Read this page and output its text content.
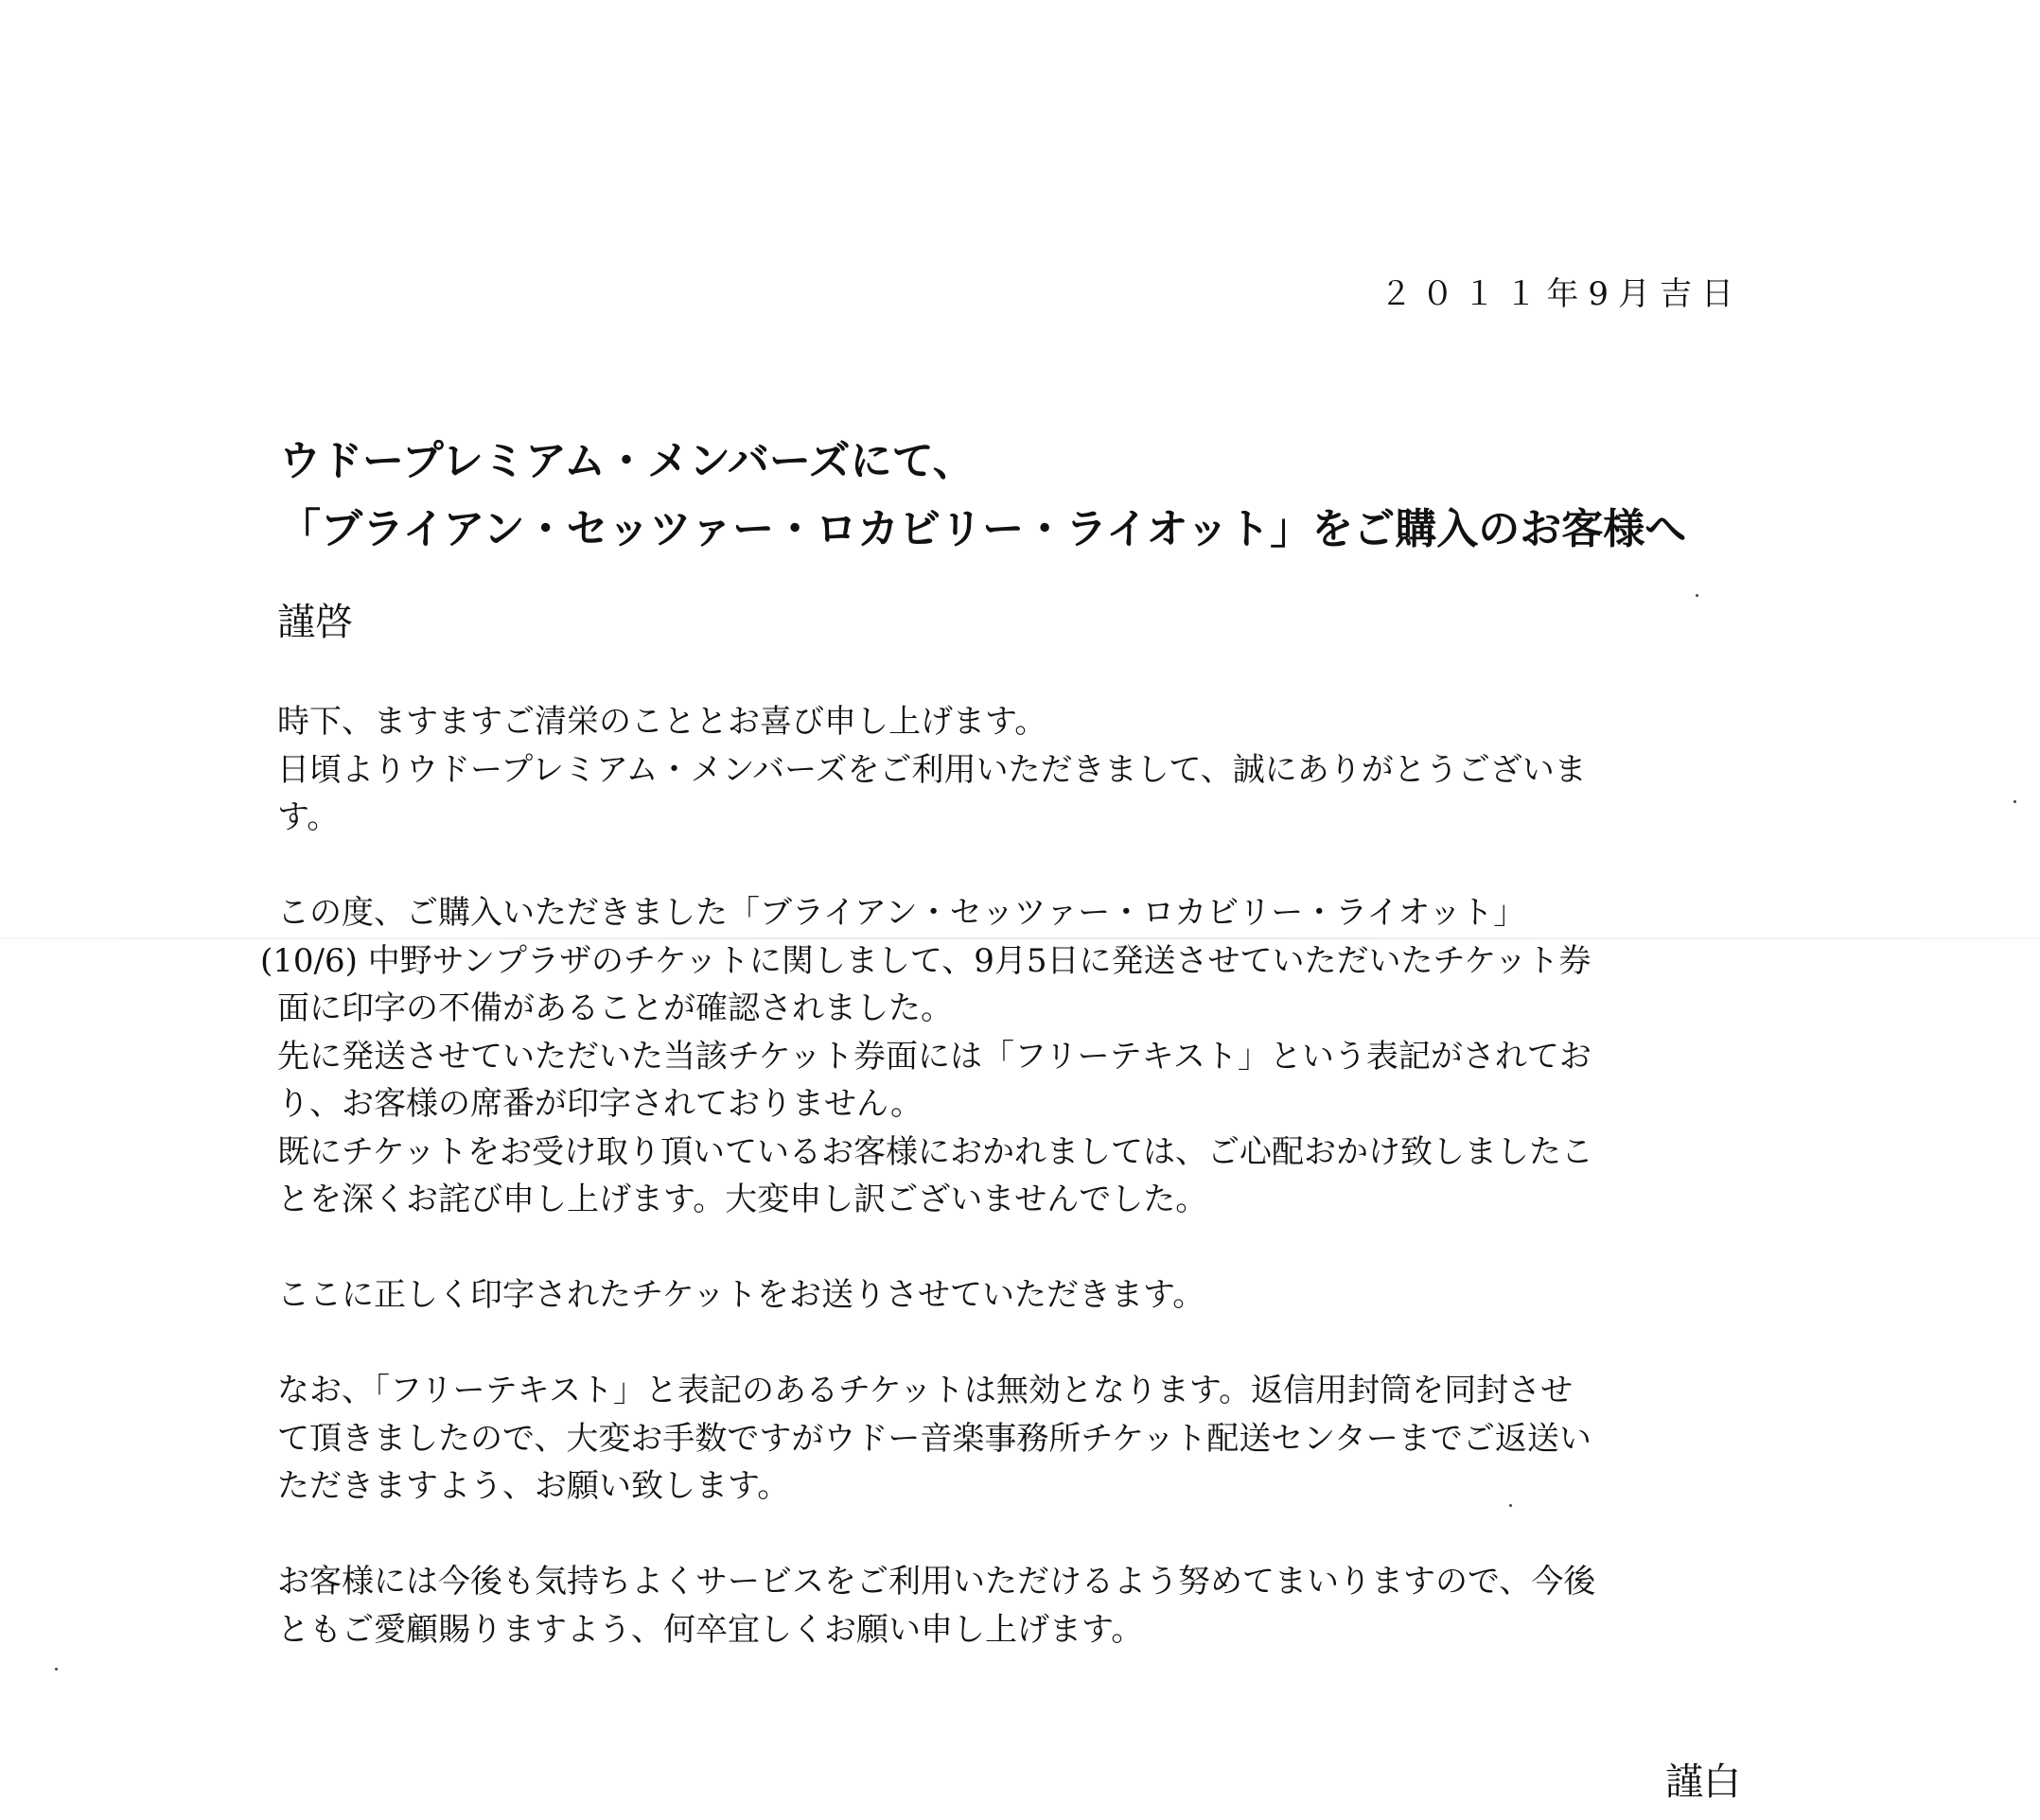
２０１１年9月吉日
ウドープレミアム・メンバーズにて、
「ブライアン・セッツァー・ロカビリー・ライオット」をご購入のお客様へ
謹啓
時下、ますますご清栄のこととお喜び申し上げます。
日頃よりウドープレミアム・メンバーズをご利用いただきまして、誠にありがとうございま
す。
この度、ご購入いただきました「ブライアン・セッツァー・ロカビリー・ライオット」
(10/6) 中野サンプラザのチケットに関しまして、9月5日に発送させていただいたチケット券
面に印字の不備があることが確認されました。
先に発送させていただいた当該チケット券面には「フリーテキスト」という表記がされてお
り、お客様の席番が印字されておりません。
既にチケットをお受け取り頂いているお客様におかれましては、ご心配おかけ致しましたこ
とを深くお詫び申し上げます。大変申し訳ございませんでした。
ここに正しく印字されたチケットをお送りさせていただきます。
なお、「フリーテキスト」と表記のあるチケットは無効となります。返信用封筒を同封させ
て頂きましたので、大変お手数ですがウドー音楽事務所チケット配送センターまでご返送い
ただきますよう、お願い致します。
お客様には今後も気持ちよくサービスをご利用いただけるよう努めてまいりますので、今後
ともご愛顧賜りますよう、何卒宜しくお願い申し上げます。
謹白
